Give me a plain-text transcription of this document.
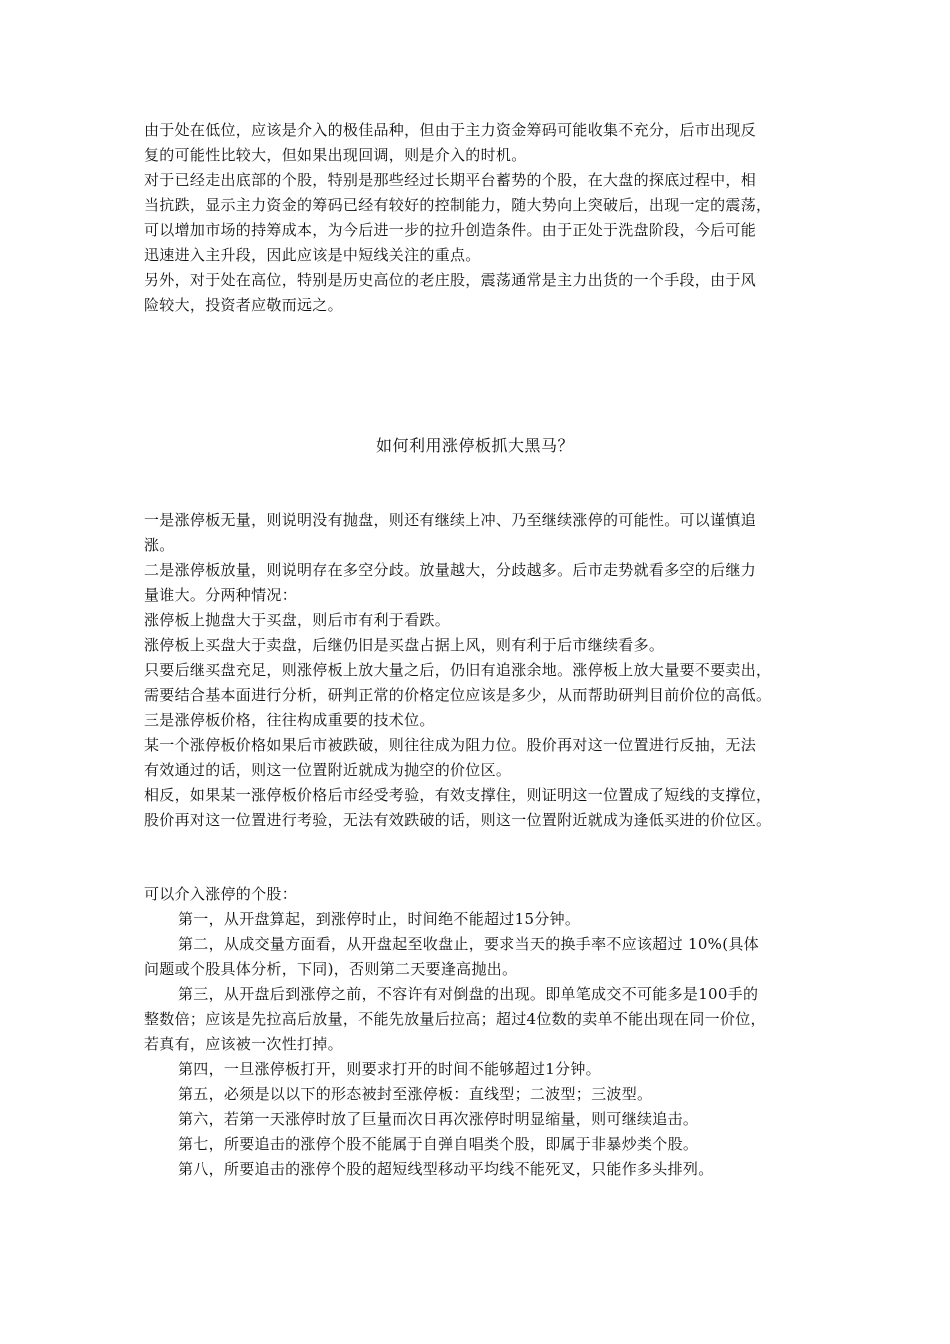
由于处在低位，应该是介入的极佳品种，但由于主力资金筹码可能收集不充分，后市出现反
复的可能性比较大，但如果出现回调，则是介入的时机。
对于已经走出底部的个股，特别是那些经过长期平台蓄势的个股，在大盘的探底过程中，相
当抗跌，显示主力资金的筹码已经有较好的控制能力，随大势向上突破后，出现一定的震荡，
可以增加市场的持筹成本，为今后进一步的拉升创造条件。由于正处于洗盘阶段，今后可能
迅速进入主升段，因此应该是中短线关注的重点。
另外，对于处在高位，特别是历史高位的老庄股，震荡通常是主力出货的一个手段，由于风
险较大，投资者应敬而远之。
如何利用涨停板抓大黑马？
一是涨停板无量，则说明没有抛盘，则还有继续上冲、乃至继续涨停的可能性。可以谨慎追
涨。
二是涨停板放量，则说明存在多空分歧。放量越大，分歧越多。后市走势就看多空的后继力
量谁大。分两种情况：
涨停板上抛盘大于买盘，则后市有利于看跌。
涨停板上买盘大于卖盘，后继仍旧是买盘占据上风，则有利于后市继续看多。
只要后继买盘充足，则涨停板上放大量之后，仍旧有追涨余地。涨停板上放大量要不要卖出，
需要结合基本面进行分析，研判正常的价格定位应该是多少，从而帮助研判目前价位的高低。
三是涨停板价格，往往构成重要的技术位。
某一个涨停板价格如果后市被跌破，则往往成为阻力位。股价再对这一位置进行反抽，无法
有效通过的话，则这一位置附近就成为抛空的价位区。
相反，如果某一涨停板价格后市经受考验，有效支撑住，则证明这一位置成了短线的支撑位，
股价再对这一位置进行考验，无法有效跌破的话，则这一位置附近就成为逢低买进的价位区。
可以介入涨停的个股：
第一，从开盘算起，到涨停时止，时间绝不能超过15分钟。
第二，从成交量方面看，从开盘起至收盘止，要求当天的换手率不应该超过 10%(具体
问题或个股具体分析，下同)，否则第二天要逢高抛出。
第三，从开盘后到涨停之前，不容许有对倒盘的出现。即单笔成交不可能多是100手的
整数倍；应该是先拉高后放量，不能先放量后拉高；超过4位数的卖单不能出现在同一价位，
若真有，应该被一次性打掉。
第四，一旦涨停板打开，则要求打开的时间不能够超过1分钟。
第五，必须是以以下的形态被封至涨停板：直线型；二波型；三波型。
第六，若第一天涨停时放了巨量而次日再次涨停时明显缩量，则可继续追击。
第七，所要追击的涨停个股不能属于自弹自唱类个股，即属于非暴炒类个股。
第八，所要追击的涨停个股的超短线型移动平均线不能死叉，只能作多头排列。
